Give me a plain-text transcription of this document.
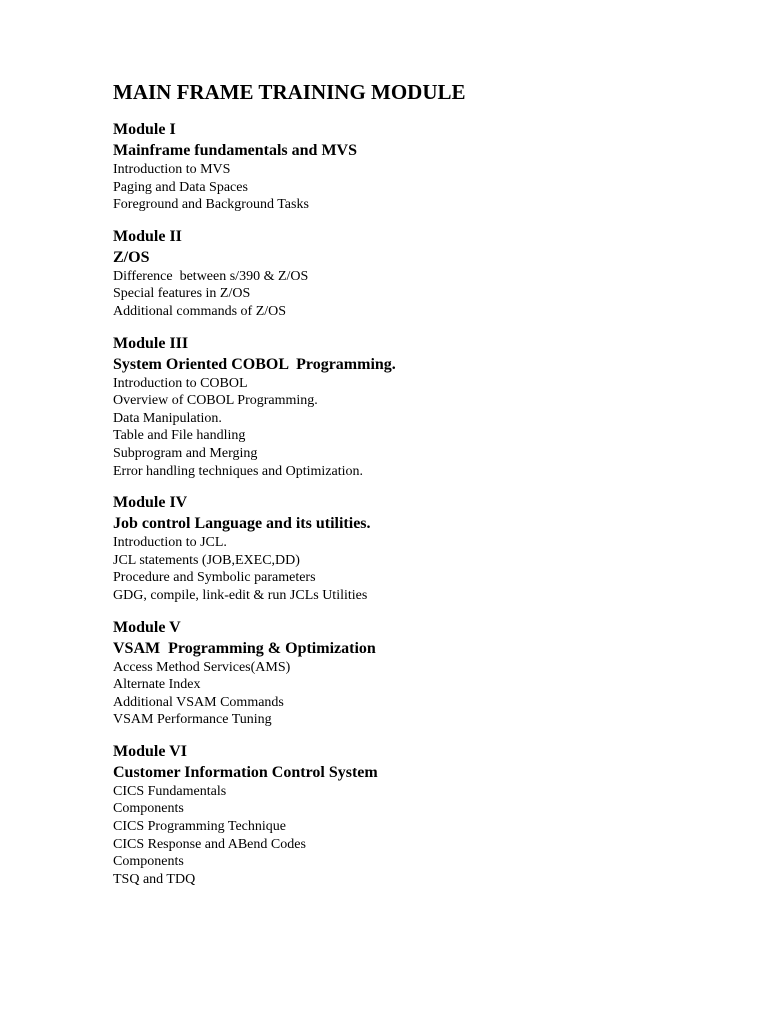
MAIN FRAME TRAINING MODULE
Module I
Mainframe fundamentals and MVS
Introduction to MVS
Paging and Data Spaces
Foreground and Background Tasks
Module II
Z/OS
Difference  between s/390 & Z/OS
Special features in Z/OS
Additional commands of Z/OS
Module III
System Oriented COBOL  Programming.
Introduction to COBOL
Overview of COBOL Programming.
Data Manipulation.
Table and File handling
Subprogram and Merging
Error handling techniques and Optimization.
Module IV
Job control Language and its utilities.
Introduction to JCL.
JCL statements (JOB,EXEC,DD)
Procedure and Symbolic parameters
GDG, compile, link-edit & run JCLs Utilities
Module V
VSAM  Programming & Optimization
Access Method Services(AMS)
Alternate Index
Additional VSAM Commands
VSAM Performance Tuning
Module VI
Customer Information Control System
CICS Fundamentals
Components
CICS Programming Technique
CICS Response and ABend Codes
Components
TSQ and TDQ
